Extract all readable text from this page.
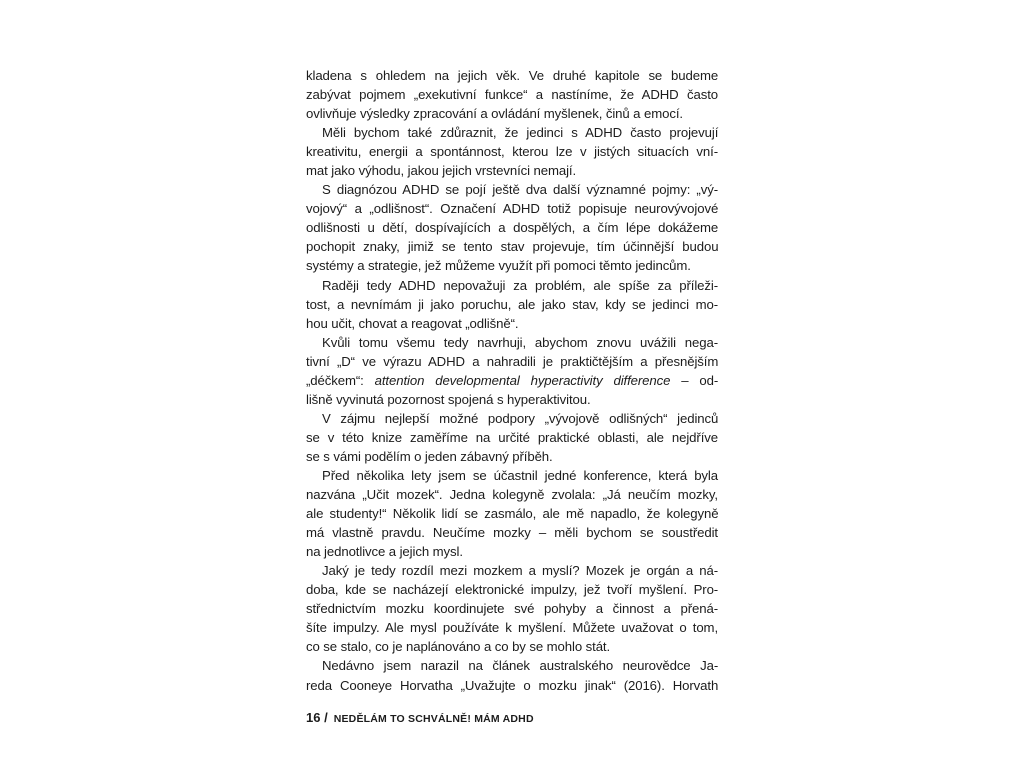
kladena s ohledem na jejich věk. Ve druhé kapitole se budeme
zabývat pojmem „exekutivní funkce“ a nastíníme, že ADHD často
ovlivňuje výsledky zpracování a ovládání myšlenek, činů a emocí.
Měli bychom také zdůraznit, že jedinci s ADHD často projevují
kreativitu, energii a spontánnost, kterou lze v jistých situacích vní-
mat jako výhodu, jakou jejich vrstevníci nemají.
S diagnózou ADHD se pojí ještě dva další významné pojmy: „vý-
vojový“ a „odlišnost“. Označení ADHD totiž popisuje neurovývojové
odlišnosti u dětí, dospívajících a dospělých, a čím lépe dokážeme
pochopit znaky, jimiž se tento stav projevuje, tím účinnější budou
systémy a strategie, jež můžeme využít při pomoci těmto jedincům.
Raději tedy ADHD nepovažuji za problém, ale spíše za příleži-
tost, a nevnímám ji jako poruchu, ale jako stav, kdy se jedinci mo-
hou učit, chovat a reagovat „odlišně“.
Kvůli tomu všemu tedy navrhuji, abychom znovu uvážili nega-
tivní „D“ ve výrazu ADHD a nahradili je praktičtějším a přesnějším
„déčkem“: attention developmental hyperactivity difference – od-
lišně vyvinutá pozornost spojená s hyperaktivitou.
V zájmu nejlepší možné podpory „vývojově odlišných“ jedinců
se v této knize zaměříme na určité praktické oblasti, ale nejdříve
se s vámi podělím o jeden zábavný příběh.
Před několika lety jsem se účastnil jedné konference, která byla
nazvána „Učit mozek“. Jedna kolegyně zvolala: „Já neučím mozky,
ale studenty!“ Několik lidí se zasmálo, ale mě napadlo, že kolegyně
má vlastně pravdu. Neučíme mozky – měli bychom se soustředit
na jednotlivce a jejich mysl.
Jaký je tedy rozdíl mezi mozkem a myslí? Mozek je orgán a ná-
doba, kde se nacházejí elektronické impulzy, jež tvoří myšlení. Pro-
střednictvím mozku koordinujete své pohyby a činnost a přená-
šíte impulzy. Ale mysl používáte k myšlení. Můžete uvažovat o tom,
co se stalo, co je naplánováno a co by se mohlo stát.
Nedávno jsem narazil na článek australského neurovědce Ja-
reda Cooneye Horvatha „Uvažujte o mozku jinak“ (2016). Horvath
16 / NEDĚLÁM TO SCHVÁLNĚ! MÁM ADHD
